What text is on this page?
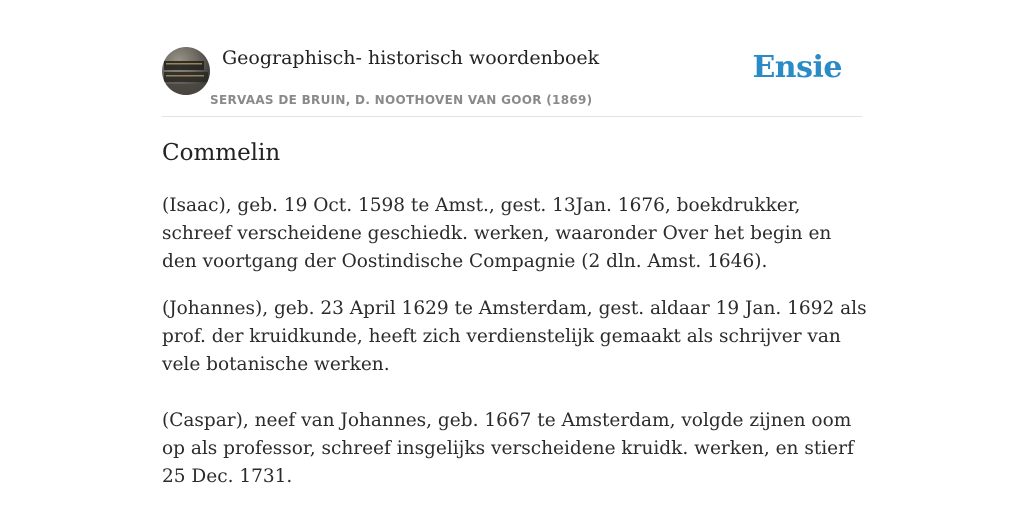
Geographisch- historisch woordenboek
SERVAAS DE BRUIN, D. NOOTHOVEN VAN GOOR (1869)
Ensie
Commelin

(Isaac), geb. 19 Oct. 1598 te Amst., gest. 13Jan. 1676, boekdrukker, schreef verscheidene geschiedk. werken, waaronder Over het begin en den voortgang der Oostindische Compagnie (2 dln. Amst. 1646).

(Johannes), geb. 23 April 1629 te Amsterdam, gest. aldaar 19 Jan. 1692 als prof. der kruidkunde, heeft zich verdienstelijk gemaakt als schrijver van vele botanische werken.

(Caspar), neef van Johannes, geb. 1667 te Amsterdam, volgde zijnen oom op als professor, schreef insgelijks verscheidene kruidk. werken, en stierf 25 Dec. 1731.
